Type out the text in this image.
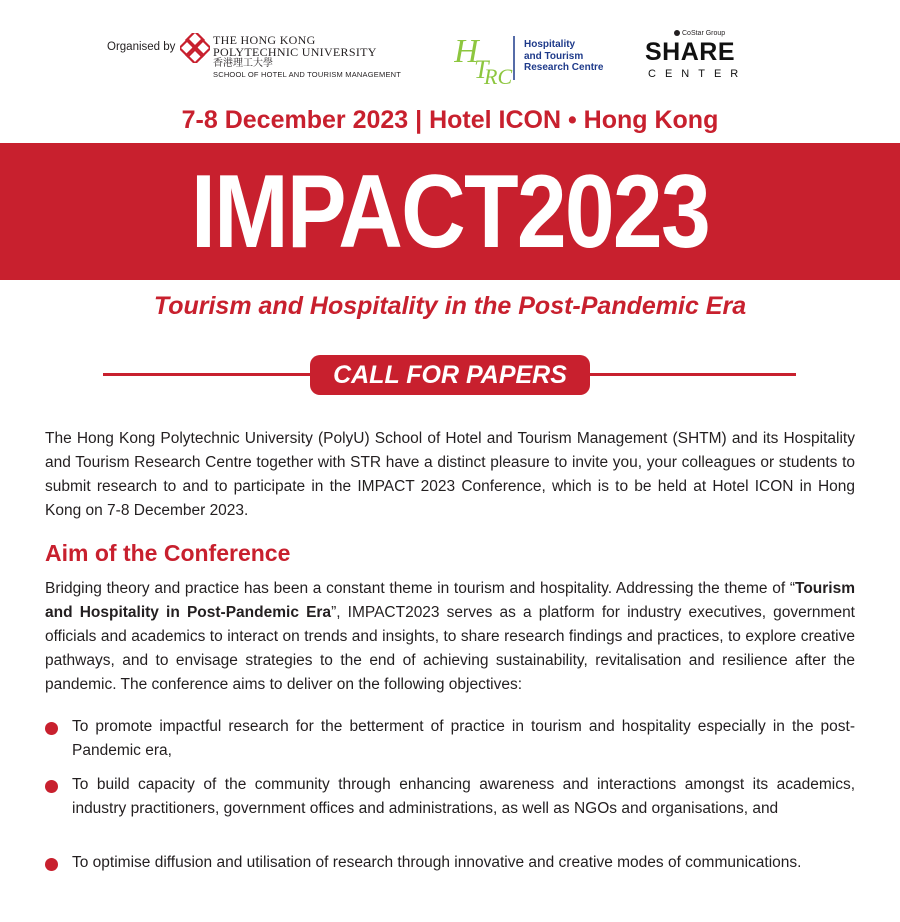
Organised by	THE HONG KONG
POLYTECHNIC UNIVERSITY
香港理工大學
SCHOOL OF HOTEL AND TOURISM MANAGEMENT
H
T
RC
Hospitality
and Tourism
Research Centre
CoStar Group
SHARE
CENTER
7-8 December 2023 | Hotel ICON • Hong Kong
IMPACT2023
Tourism and Hospitality in the Post-Pandemic Era
CALL FOR PAPERS

The Hong Kong Polytechnic University (PolyU) School of Hotel and Tourism Management (SHTM) and its Hospitality and Tourism Research Centre together with STR have a distinct pleasure to invite you, your colleagues or students to submit research to and to participate in the IMPACT 2023 Conference, which is to be held at Hotel ICON in Hong Kong on 7-8 December 2023.

Aim of the Conference

Bridging theory and practice has been a constant theme in tourism and hospitality. Addressing the theme of “Tourism and Hospitality in Post-Pandemic Era”, IMPACT2023 serves as a platform for industry executives, government officials and academics to interact on trends and insights, to share research findings and practices, to explore creative pathways, and to envisage strategies to the end of achieving sustainability, revitalisation and resilience after the pandemic. The conference aims to deliver on the following objectives:

To promote impactful research for the betterment of practice in tourism and hospitality especially in the post-Pandemic era,
To build capacity of the community through enhancing awareness and interactions amongst its academics, industry practitioners, government offices and administrations, as well as NGOs and organisations, and
To optimise diffusion and utilisation of research through innovative and creative modes of communications.
